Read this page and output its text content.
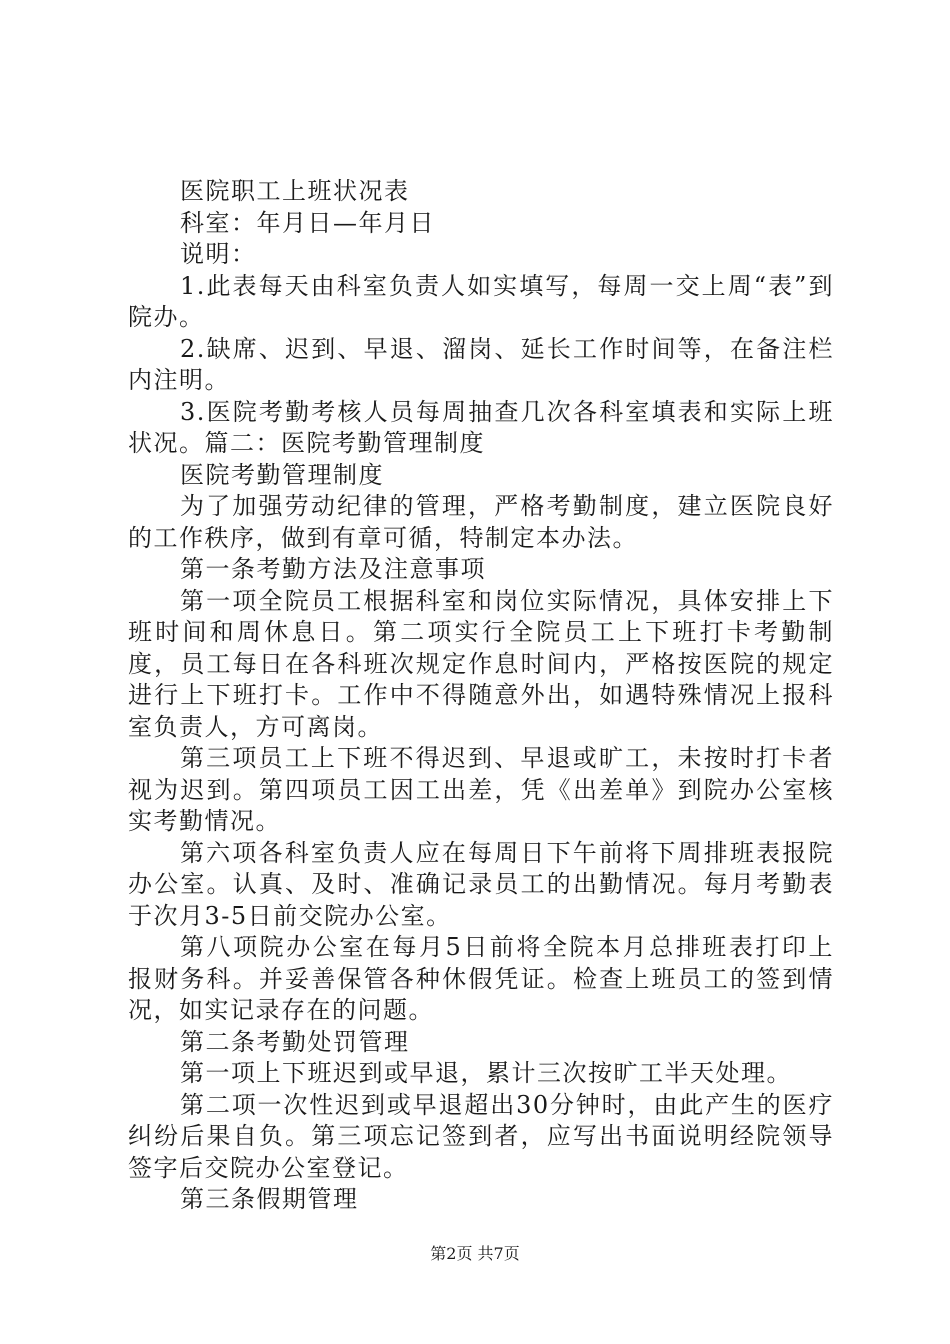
医院职工上班状况表

科室：年月日—年月日

说明：

1.此表每天由科室负责人如实填写，每周一交上周“表”到院办。

2.缺席、迟到、早退、溜岗、延长工作时间等，在备注栏内注明。

3.医院考勤考核人员每周抽查几次各科室填表和实际上班状况。篇二：医院考勤管理制度

医院考勤管理制度

为了加强劳动纪律的管理，严格考勤制度，建立医院良好的工作秩序，做到有章可循，特制定本办法。

第一条考勤方法及注意事项

第一项全院员工根据科室和岗位实际情况，具体安排上下班时间和周休息日。第二项实行全院员工上下班打卡考勤制度，员工每日在各科班次规定作息时间内，严格按医院的规定进行上下班打卡。工作中不得随意外出，如遇特殊情况上报科室负责人，方可离岗。

第三项员工上下班不得迟到、早退或旷工，未按时打卡者视为迟到。第四项员工因工出差，凭《出差单》到院办公室核实考勤情况。

第六项各科室负责人应在每周日下午前将下周排班表报院办公室。认真、及时、准确记录员工的出勤情况。每月考勤表于次月3-5日前交院办公室。

第八项院办公室在每月5日前将全院本月总排班表打印上报财务科。并妥善保管各种休假凭证。检查上班员工的签到情况，如实记录存在的问题。

第二条考勤处罚管理

第一项上下班迟到或早退，累计三次按旷工半天处理。

第二项一次性迟到或早退超出30分钟时，由此产生的医疗纠纷后果自负。第三项忘记签到者，应写出书面说明经院领导签字后交院办公室登记。

第三条假期管理

第2页 共7页
